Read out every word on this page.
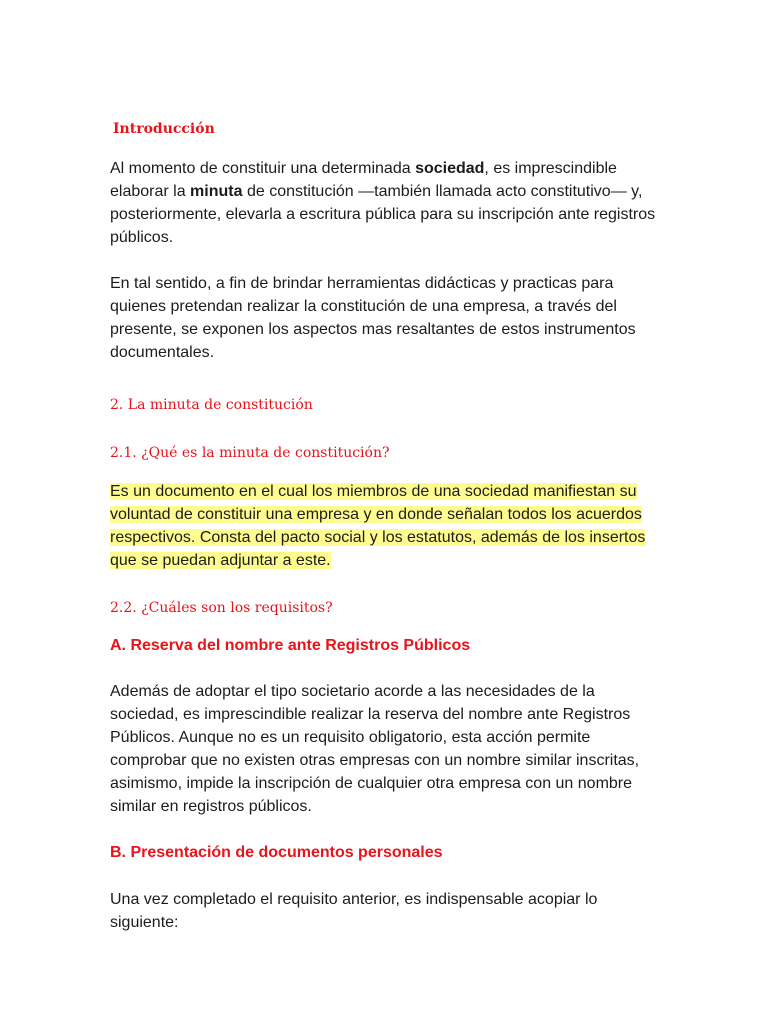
Introducción

Al momento de constituir una determinada sociedad, es imprescindible elaborar la minuta de constitución —también llamada acto constitutivo— y, posteriormente, elevarla a escritura pública para su inscripción ante registros públicos.

En tal sentido, a fin de brindar herramientas didácticas y practicas para quienes pretendan realizar la constitución de una empresa, a través del presente, se exponen los aspectos mas resaltantes de estos instrumentos documentales.

2. La minuta de constitución

2.1. ¿Qué es la minuta de constitución?

Es un documento en el cual los miembros de una sociedad manifiestan su voluntad de constituir una empresa y en donde señalan todos los acuerdos respectivos. Consta del pacto social y los estatutos, además de los insertos que se puedan adjuntar a este.

2.2. ¿Cuáles son los requisitos?

A. Reserva del nombre ante Registros Públicos

Además de adoptar el tipo societario acorde a las necesidades de la sociedad, es imprescindible realizar la reserva del nombre ante Registros Públicos. Aunque no es un requisito obligatorio, esta acción permite comprobar que no existen otras empresas con un nombre similar inscritas, asimismo, impide la inscripción de cualquier otra empresa con un nombre similar en registros públicos.

B. Presentación de documentos personales

Una vez completado el requisito anterior, es indispensable acopiar lo siguiente:
